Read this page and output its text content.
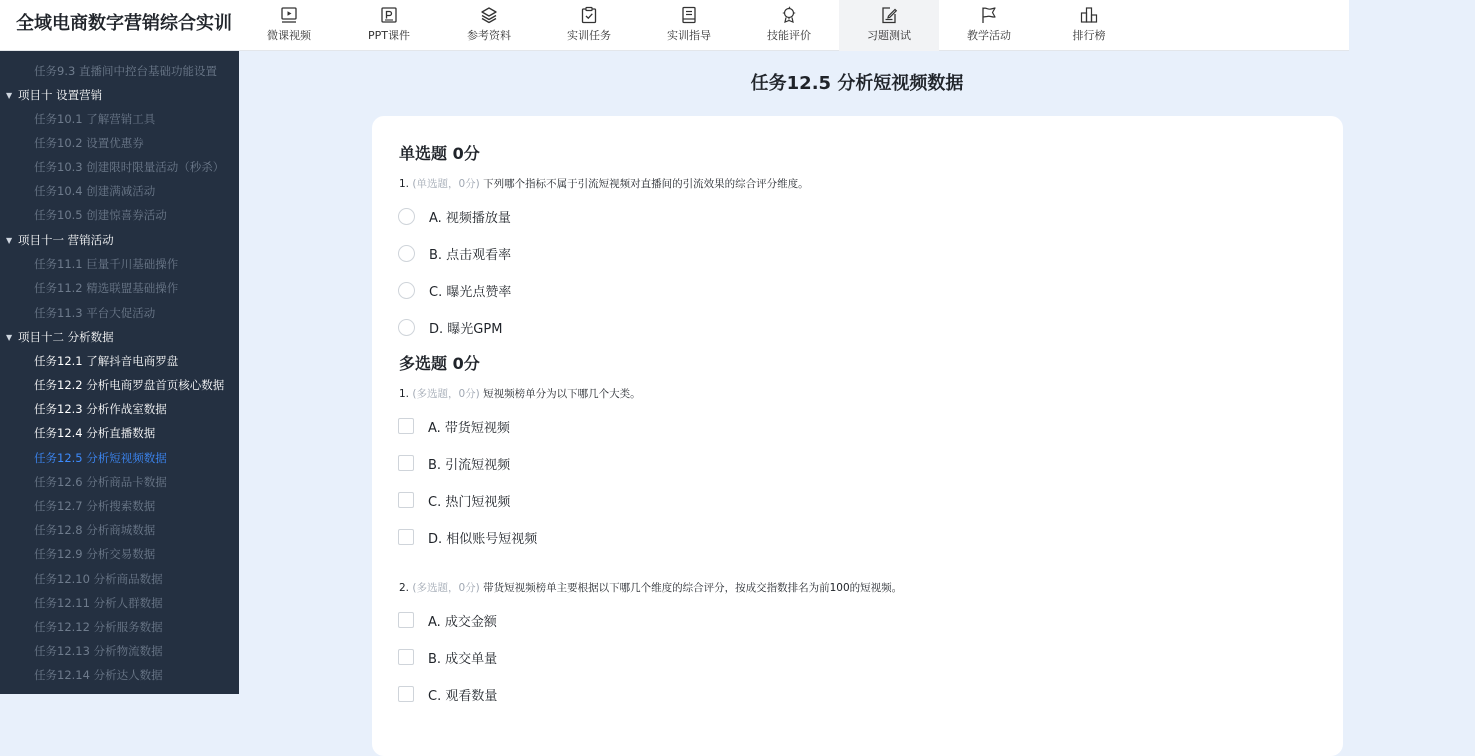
全域电商数字营销综合实训
微课视频	PPT课件	参考资料	实训任务	实训指导	技能评价	习题测试	教学活动	排行榜
任务9.3 直播间中控台基础功能设置
▼ 项目十 设置营销
任务10.1 了解营销工具
任务10.2 设置优惠券
任务10.3 创建限时限量活动（秒杀）
任务10.4 创建满减活动
任务10.5 创建惊喜券活动
▼ 项目十一 营销活动
任务11.1 巨量千川基础操作
任务11.2 精选联盟基础操作
任务11.3 平台大促活动
▼ 项目十二 分析数据
任务12.1 了解抖音电商罗盘
任务12.2 分析电商罗盘首页核心数据
任务12.3 分析作战室数据
任务12.4 分析直播数据
任务12.5 分析短视频数据
任务12.6 分析商品卡数据
任务12.7 分析搜索数据
任务12.8 分析商城数据
任务12.9 分析交易数据
任务12.10 分析商品数据
任务12.11 分析人群数据
任务12.12 分析服务数据
任务12.13 分析物流数据
任务12.14 分析达人数据
任务12.5 分析短视频数据
单选题 0分
1. (单选题，0分) 下列哪个指标不属于引流短视频对直播间的引流效果的综合评分维度。
A. 视频播放量
B. 点击观看率
C. 曝光点赞率
D. 曝光GPM
多选题 0分
1. (多选题，0分) 短视频榜单分为以下哪几个大类。
A. 带货短视频
B. 引流短视频
C. 热门短视频
D. 相似账号短视频
2. (多选题，0分) 带货短视频榜单主要根据以下哪几个维度的综合评分，按成交指数排名为前100的短视频。
A. 成交金额
B. 成交单量
C. 观看数量
